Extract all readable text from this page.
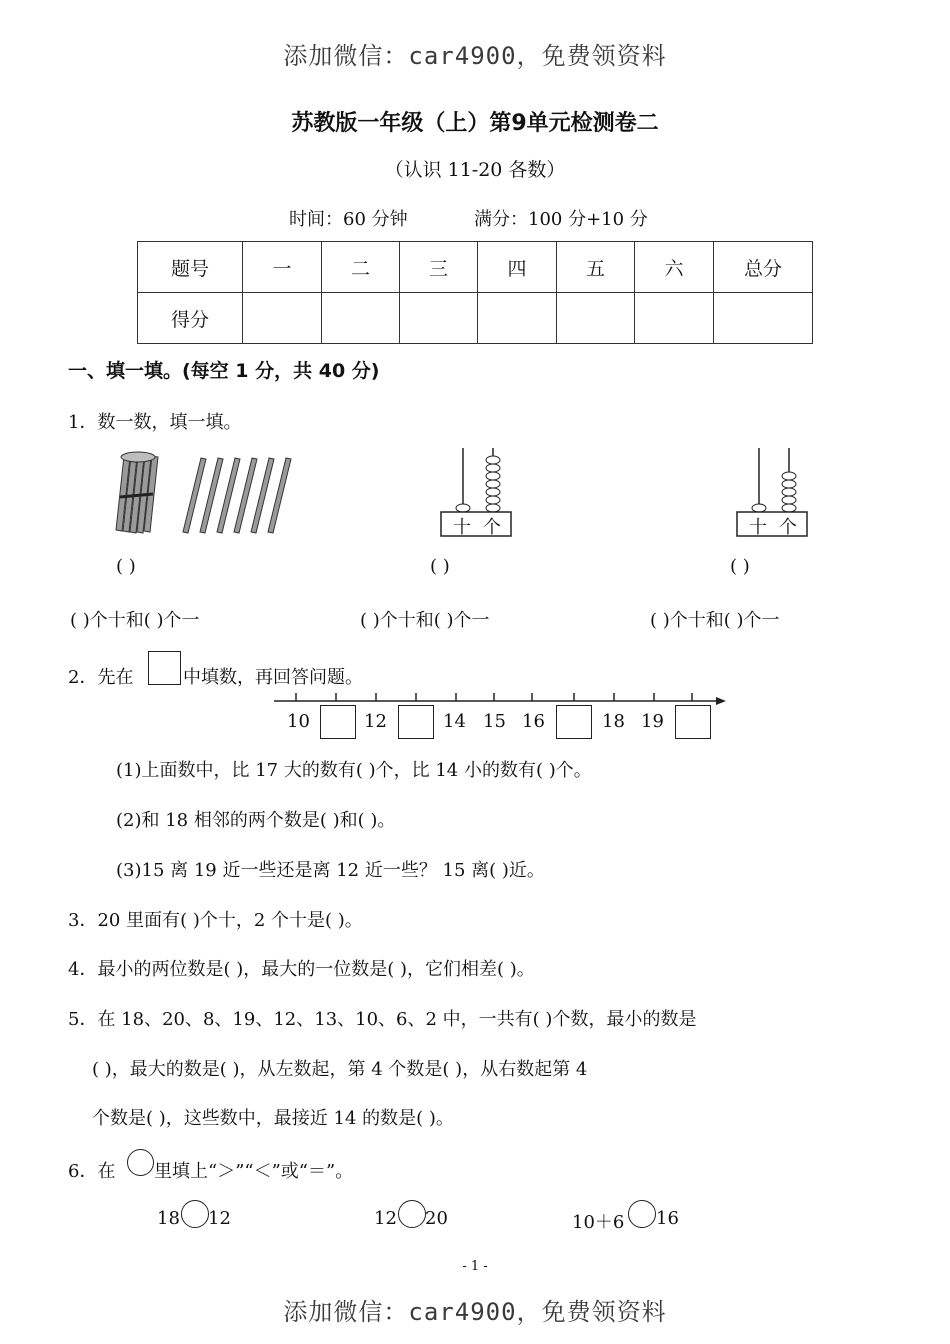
添加微信：car4900，免费领资料
添加微信：car4900，免费领资料
苏教版一年级（上）第9单元检测卷二
（认识 11-20 各数）
时间：60 分钟	满分：100 分+10 分
题号	一	二	三	四	五	六	总分
得分							
一、填一填。(每空 1 分，共 40 分)
1．数一数，填一填。
十 个	十 个
( )	( )	( )
( )个十和( )个一	( )个十和( )个一	( )个十和( )个一
2．先在	中填数，再回答问题。
10	12	14 15 16	18 19
(1)上面数中，比 17 大的数有( )个，比 14 小的数有( )个。
(2)和 18 相邻的两个数是( )和( )。
(3)15 离 19 近一些还是离 12 近一些？ 15 离( )近。
3．20 里面有( )个十，2 个十是( )。
4．最小的两位数是( )，最大的一位数是( )，它们相差( )。
5．在 18、20、8、19、12、13、10、6、2 中，一共有( )个数，最小的数是
( )，最大的数是( )，从左数起，第 4 个数是( )，从右数起第 4
个数是( )，这些数中，最接近 14 的数是( )。
6．在 里填上“＞”“＜”或“＝”。
18 12	12 20	10＋6 16
- 1 -
